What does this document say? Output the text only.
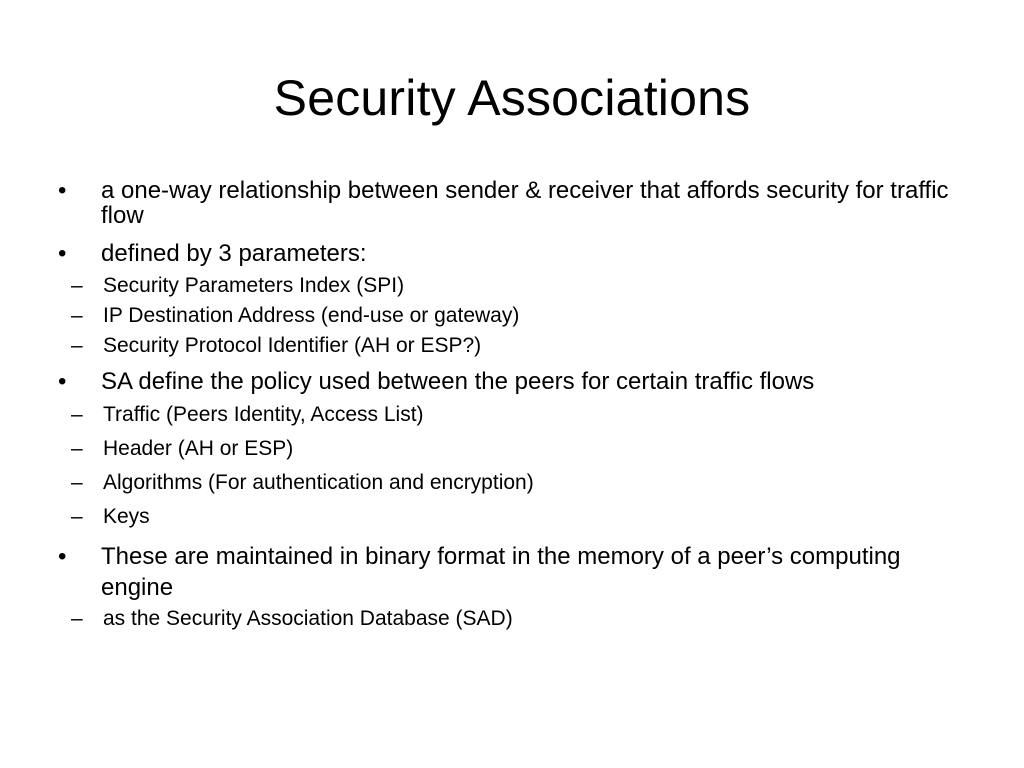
Security Associations
•	a one-way relationship between sender & receiver that affords security for traffic flow
•	defined by 3 parameters:
– Security Parameters Index (SPI)
– IP Destination Address (end-use or gateway)
– Security Protocol Identifier (AH or ESP?)
•	SA define the policy used between the peers for certain traffic flows
– Traffic (Peers Identity, Access List)
– Header (AH or ESP)
– Algorithms (For authentication and encryption)
– Keys
•	These are maintained in binary format in the memory of a peer’s computing engine
– as the Security Association Database (SAD)
